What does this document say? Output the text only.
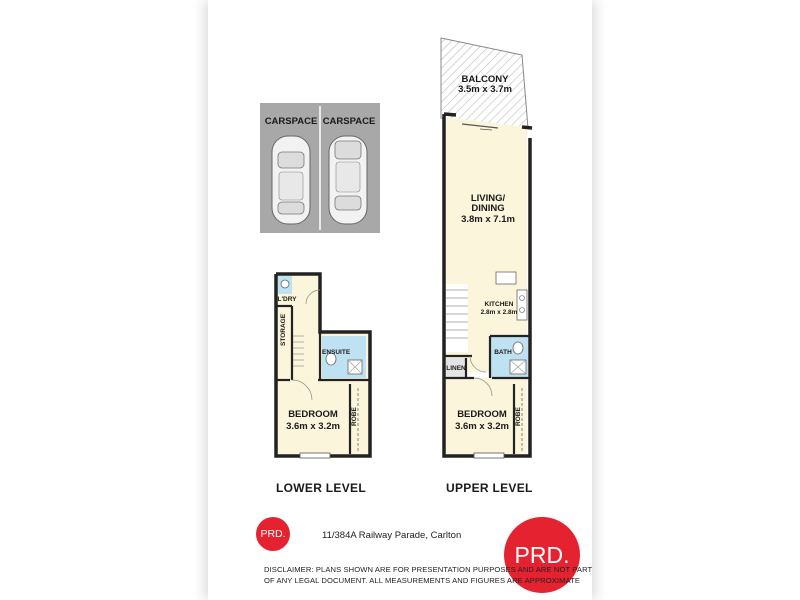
CARSPACE CARSPACE
L'DRY
STORAGE
ENSUITE
ROBE
BEDROOM
3.6m x 3.2m
LOWER LEVEL
BALCONY
3.5m x 3.7m
LIVING/
DINING
3.8m x 7.1m
KITCHEN
2.8m x 2.8m
BATH
LINEN
ROBE
BEDROOM
3.6m x 3.2m
UPPER LEVEL
PRD.	11/384A Railway Parade, Carlton
PRD.
DISCLAIMER: PLANS SHOWN ARE FOR PRESENTATION PURPOSES AND ARE NOT PART
OF ANY LEGAL DOCUMENT. ALL MEASUREMENTS AND FIGURES ARE APPROXIMATE
